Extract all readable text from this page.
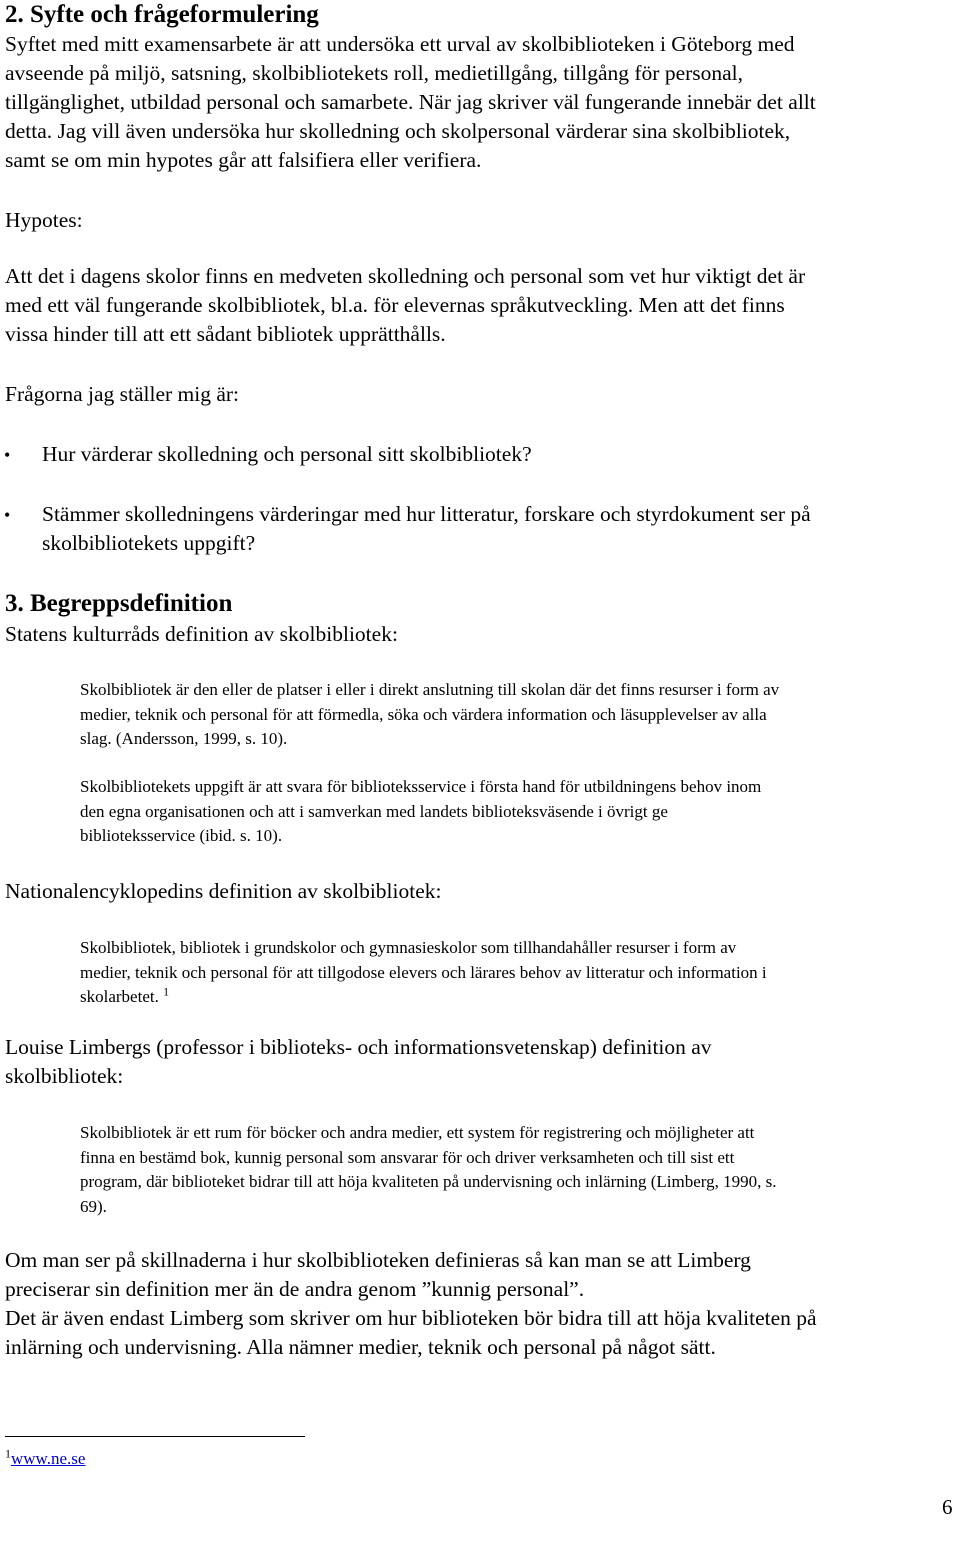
2. Syfte och frågeformulering
Syftet med mitt examensarbete är att undersöka ett urval av skolbiblioteken i Göteborg med
avseende på miljö, satsning, skolbibliotekets roll, medietillgång, tillgång för personal,
tillgänglighet, utbildad personal och samarbete. När jag skriver väl fungerande innebär det allt
detta. Jag vill även undersöka hur skolledning och skolpersonal värderar sina skolbibliotek,
samt se om min hypotes går att falsifiera eller verifiera.
Hypotes:
Att det i dagens skolor finns en medveten skolledning och personal som vet hur viktigt det är
med ett väl fungerande skolbibliotek, bl.a. för elevernas språkutveckling. Men att det finns
vissa hinder till att ett sådant bibliotek upprätthålls.
Frågorna jag ställer mig är:
• Hur värderar skolledning och personal sitt skolbibliotek?
• Stämmer skolledningens värderingar med hur litteratur, forskare och styrdokument ser på
skolbibliotekets uppgift?
3. Begreppsdefinition
Statens kulturråds definition av skolbibliotek:
Skolbibliotek är den eller de platser i eller i direkt anslutning till skolan där det finns resurser i form av
medier, teknik och personal för att förmedla, söka och värdera information och läsupplevelser av alla
slag. (Andersson, 1999, s. 10).
Skolbibliotekets uppgift är att svara för biblioteksservice i första hand för utbildningens behov inom
den egna organisationen och att i samverkan med landets biblioteksväsende i övrigt ge
biblioteksservice (ibid. s. 10).
Nationalencyklopedins definition av skolbibliotek:
Skolbibliotek, bibliotek i grundskolor och gymnasieskolor som tillhandahåller resurser i form av
medier, teknik och personal för att tillgodose elevers och lärares behov av litteratur och information i
skolarbetet. $^1$
Louise Limbergs (professor i biblioteks- och informationsvetenskap) definition av
skolbibliotek:
Skolbibliotek är ett rum för böcker och andra medier, ett system för registrering och möjligheter att
finna en bestämd bok, kunnig personal som ansvarar för och driver verksamheten och till sist ett
program, där biblioteket bidrar till att höja kvaliteten på undervisning och inlärning (Limberg, 1990, s.
69).
Om man ser på skillnaderna i hur skolbiblioteken definieras så kan man se att Limberg
preciserar sin definition mer än de andra genom ”kunnig personal”.
Det är även endast Limberg som skriver om hur biblioteken bör bidra till att höja kvaliteten på
inlärning och undervisning. Alla nämner medier, teknik och personal på något sätt.
$^1$www.ne.se
6
